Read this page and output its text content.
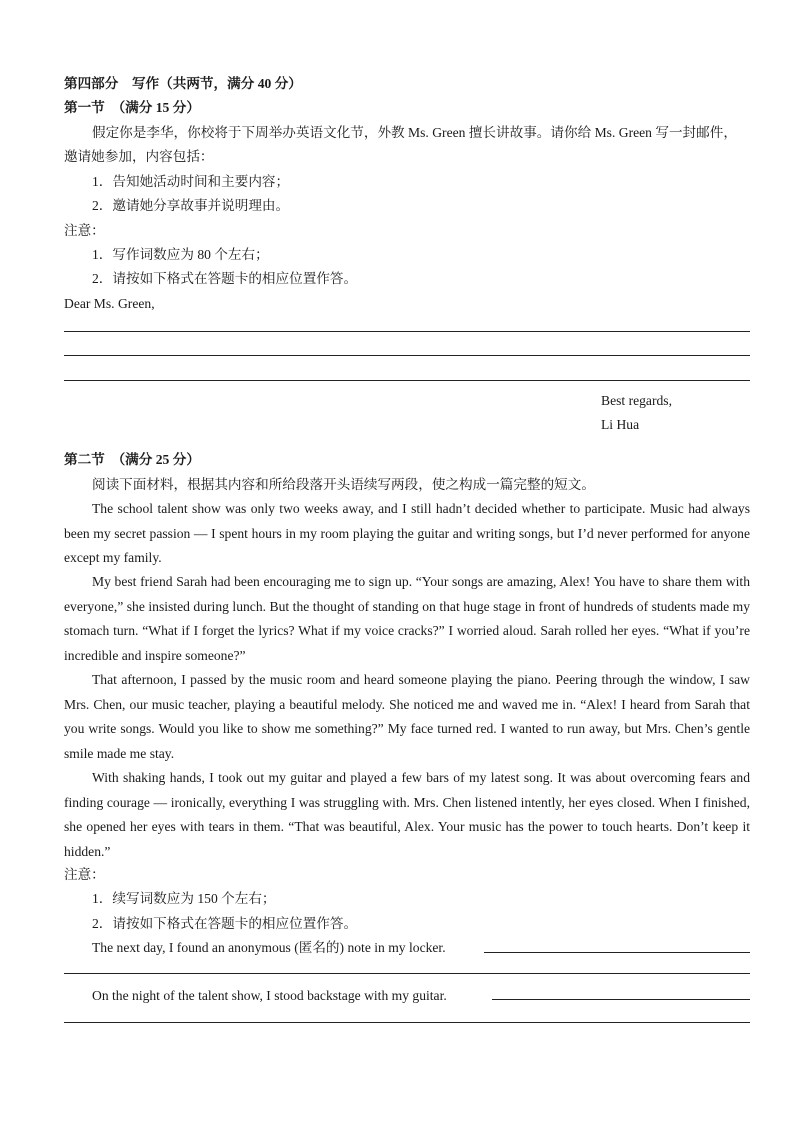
第四部分　写作（共两节，满分 40 分）
第一节　（满分 15 分）
假定你是李华，你校将于下周举办英语文化节，外教 Ms. Green 擅长讲故事。请你给 Ms. Green 写一封邮件，
邀请她参加，内容包括：
1．告知她活动时间和主要内容；
2．邀请她分享故事并说明理由。
注意：
1．写作词数应为 80 个左右；
2．请按如下格式在答题卡的相应位置作答。
Dear Ms. Green,
Best regards,
Li Hua
第二节　（满分 25 分）
阅读下面材料，根据其内容和所给段落开头语续写两段，使之构成一篇完整的短文。
The school talent show was only two weeks away, and I still hadn’t decided whether to participate. Music had always been my secret passion — I spent hours in my room playing the guitar and writing songs, but I’d never performed for anyone except my family.
My best friend Sarah had been encouraging me to sign up. “Your songs are amazing, Alex! You have to share them with everyone,” she insisted during lunch. But the thought of standing on that huge stage in front of hundreds of students made my stomach turn. “What if I forget the lyrics? What if my voice cracks?” I worried aloud. Sarah rolled her eyes. “What if you’re incredible and inspire someone?”
That afternoon, I passed by the music room and heard someone playing the piano. Peering through the window, I saw Mrs. Chen, our music teacher, playing a beautiful melody. She noticed me and waved me in. “Alex! I heard from Sarah that you write songs. Would you like to show me something?” My face turned red. I wanted to run away, but Mrs. Chen’s gentle smile made me stay.
With shaking hands, I took out my guitar and played a few bars of my latest song. It was about overcoming fears and finding courage — ironically, everything I was struggling with. Mrs. Chen listened intently, her eyes closed. When I finished, she opened her eyes with tears in them. “That was beautiful, Alex. Your music has the power to touch hearts. Don’t keep it hidden.”
注意：
1．续写词数应为 150 个左右；
2．请按如下格式在答题卡的相应位置作答。
The next day, I found an anonymous (匿名的) note in my locker.
On the night of the talent show, I stood backstage with my guitar.
